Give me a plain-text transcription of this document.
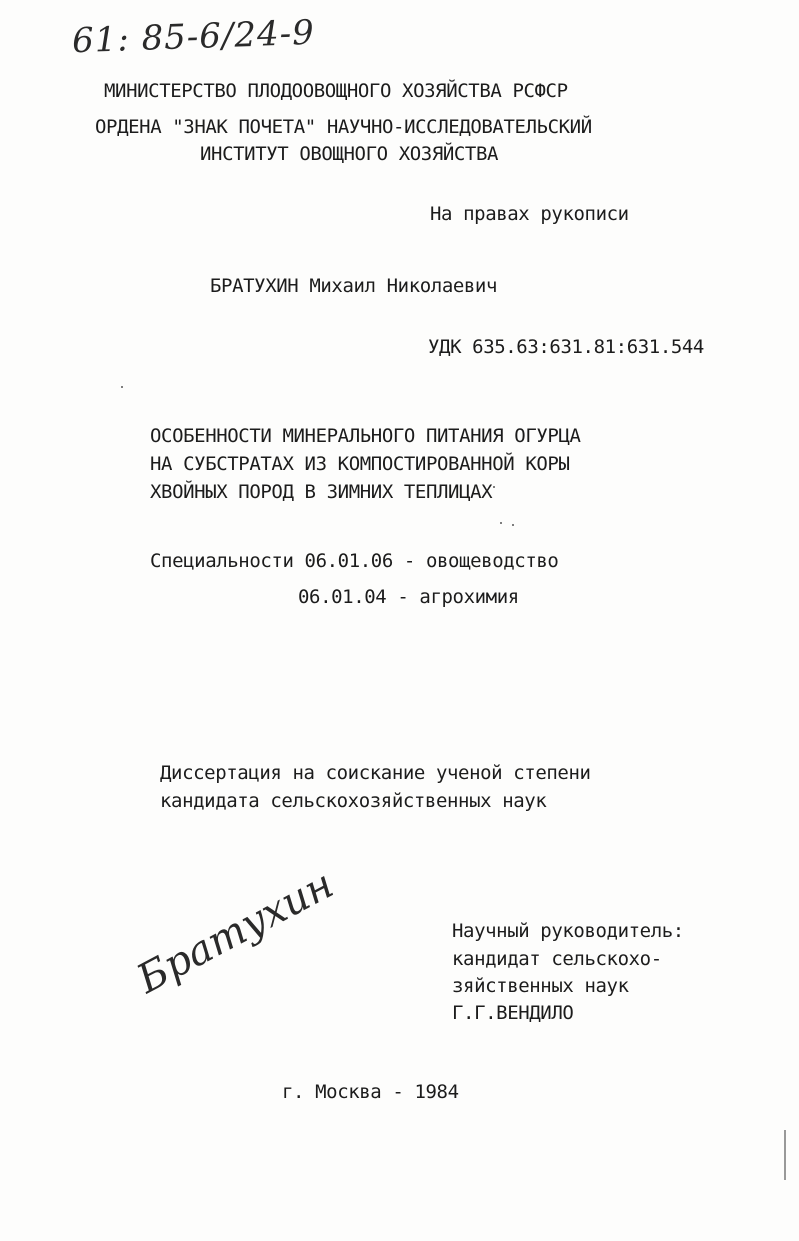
61: 85-6/24-9
МИНИСТЕРСТВО ПЛОДООВОЩНОГО ХОЗЯЙСТВА РСФСР
ОРДЕНА "ЗНАК ПОЧЕТА" НАУЧНО-ИССЛЕДОВАТЕЛЬСКИЙ
ИНСТИТУТ ОВОЩНОГО ХОЗЯЙСТВА
На правах рукописи
БРАТУХИН Михаил Николаевич
УДК 635.63:631.81:631.544
ОСОБЕННОСТИ МИНЕРАЛЬНОГО ПИТАНИЯ ОГУРЦА
НА СУБСТРАТАХ ИЗ КОМПОСТИРОВАННОЙ КОРЫ
ХВОЙНЫХ ПОРОД В ЗИМНИХ ТЕПЛИЦАХ
Специальности 06.01.06 - овощеводство
06.01.04 - агрохимия
Диссертация на соискание ученой степени
кандидата сельскохозяйственных наук
Научный руководитель:
кандидат сельскохо-
зяйственных наук
Г.Г.ВЕНДИЛО
Братухин
г. Москва - 1984
